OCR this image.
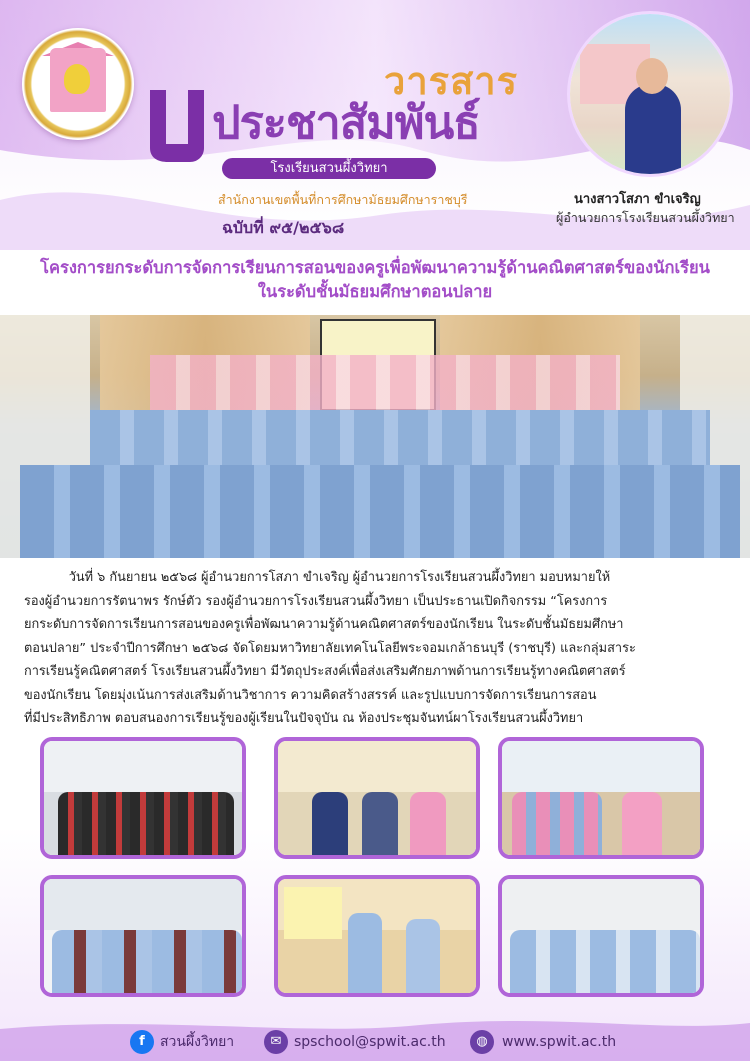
วารสาร
ประชาสัมพันธ์
โรงเรียนสวนผึ้งวิทยา
สำนักงานเขตพื้นที่การศึกษามัธยมศึกษาราชบุรี
ฉบับที่ ๙๕/๒๕๖๘
นางสาวโสภา ขำเจริญ
ผู้อำนวยการโรงเรียนสวนผึ้งวิทยา
โครงการยกระดับการจัดการเรียนการสอนของครูเพื่อพัฒนาความรู้ด้านคณิตศาสตร์ของนักเรียน
ในระดับชั้นมัธยมศึกษาตอนปลาย
วันที่ ๖ กันยายน ๒๕๖๘ ผู้อำนวยการโสภา ขำเจริญ ผู้อำนวยการโรงเรียนสวนผึ้งวิทยา มอบหมายให้
รองผู้อำนวยการรัตนาพร รักษ์ตัว รองผู้อำนวยการโรงเรียนสวนผึ้งวิทยา เป็นประธานเปิดกิจกรรม “โครงการ
ยกระดับการจัดการเรียนการสอนของครูเพื่อพัฒนาความรู้ด้านคณิตศาสตร์ของนักเรียน ในระดับชั้นมัธยมศึกษา
ตอนปลาย” ประจำปีการศึกษา ๒๕๖๘ จัดโดยมหาวิทยาลัยเทคโนโลยีพระจอมเกล้าธนบุรี (ราชบุรี) และกลุ่มสาระ
การเรียนรู้คณิตศาสตร์ โรงเรียนสวนผึ้งวิทยา มีวัตถุประสงค์เพื่อส่งเสริมศักยภาพด้านการเรียนรู้ทางคณิตศาสตร์
ของนักเรียน โดยมุ่งเน้นการส่งเสริมด้านวิชาการ ความคิดสร้างสรรค์ และรูปแบบการจัดการเรียนการสอน
ที่มีประสิทธิภาพ ตอบสนองการเรียนรู้ของผู้เรียนในปัจจุบัน ณ ห้องประชุมจันทน์ผาโรงเรียนสวนผึ้งวิทยา
f	สวนผึ้งวิทยา	✉ spschool@spwit.ac.th	◍	www.spwit.ac.th
